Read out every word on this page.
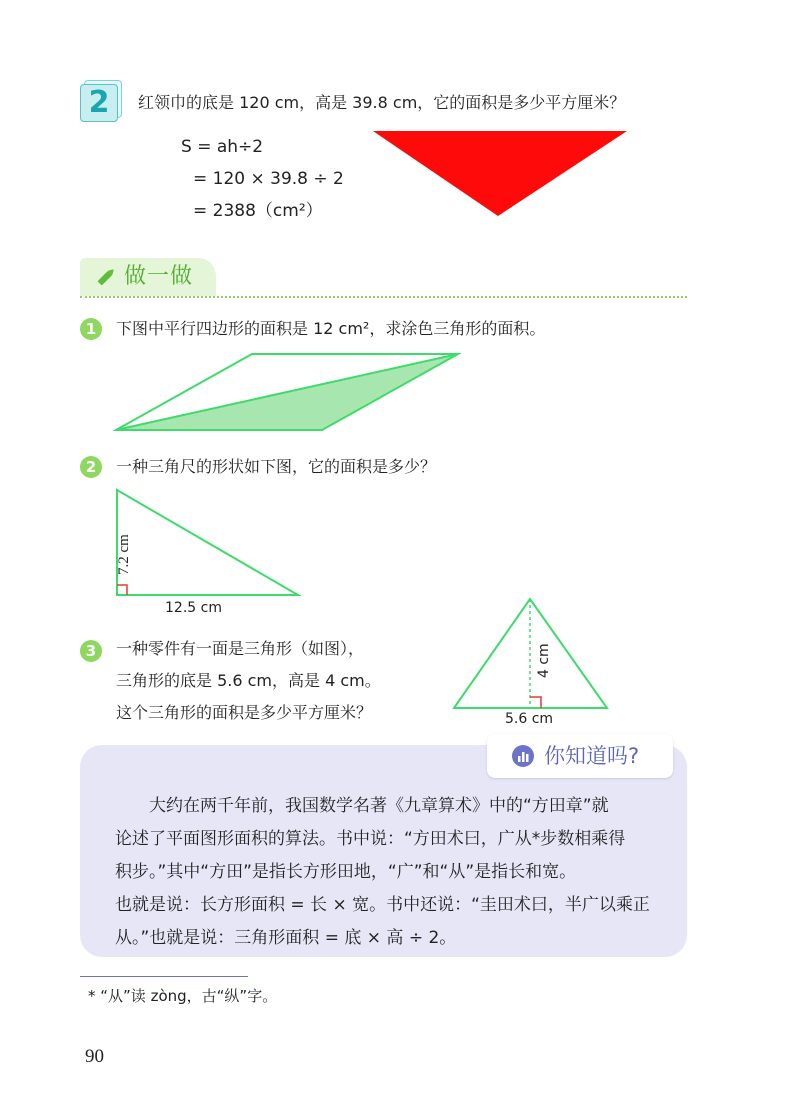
2	红领巾的底是 120 cm，高是 39.8 cm，它的面积是多少平方厘米？
S = ah÷2
= 120 × 39.8 ÷ 2
= 2388（cm²）
做一做
1	下图中平行四边形的面积是 12 cm²，求涂色三角形的面积。
2	一种三角尺的形状如下图，它的面积是多少？
7.2 cm
12.5 cm
3	一种零件有一面是三角形（如图），
三角形的底是 5.6 cm，高是 4 cm。
这个三角形的面积是多少平方厘米？
4 cm
5.6 cm
你知道吗?

大约在两千年前，我国数学名著《九章算术》中的“方田章”就

论述了平面图形面积的算法。书中说：“方田术曰，广从*步数相乘得

积步。”其中“方田”是指长方形田地，“广”和“从”是指长和宽。

也就是说：长方形面积 = 长 × 宽。书中还说：“圭田术曰，半广以乘正

从。”也就是说：三角形面积 = 底 × 高 ÷ 2。

* “从”读 zòng，古“纵”字。
90
